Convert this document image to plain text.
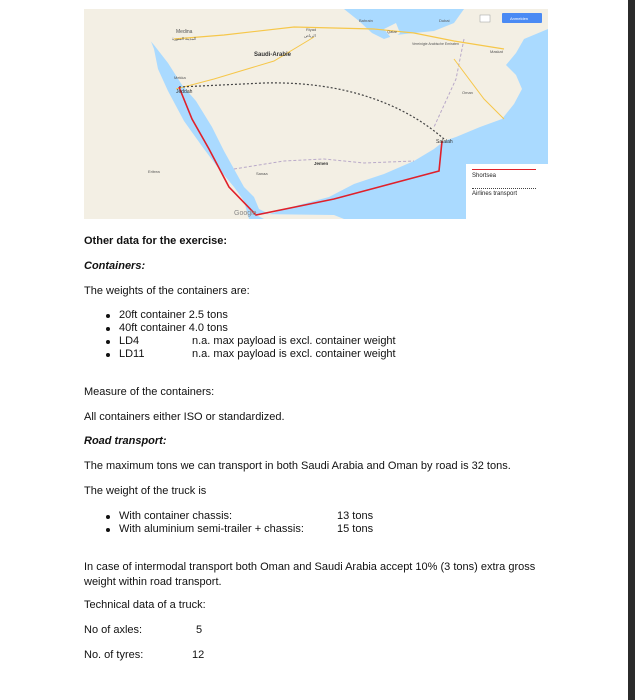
Medina
المدينة المنورة
Riyad
الرياض
Bahrain
Qatar
Dubai
Vereinigte Arabische Emiraten
Maskat
Saudi-Arabie
Mekka
Jeddah	Oman
Salalah
Jemen
Sanaa
Eritrea
Google
Anmelden
Shortsea
Airlines transport
Other data for the exercise:
Containers:
The weights of the containers are:
20ft container 2.5 tons
40ft container 4.0 tons
LD4	n.a. max payload is excl. container weight
LD11	n.a. max payload is excl. container weight
Measure of the containers:
All containers either ISO or standardized.
Road transport:
The maximum tons we can transport in both Saudi Arabia and Oman by road is 32 tons.
The weight of the truck is
With container chassis:	13 tons
With aluminium semi-trailer + chassis:	15 tons
In case of intermodal transport both Oman and Saudi Arabia accept 10% (3 tons) extra gross weight within road transport.
Technical data of a truck:
No of axles:	5
No. of tyres:	12
